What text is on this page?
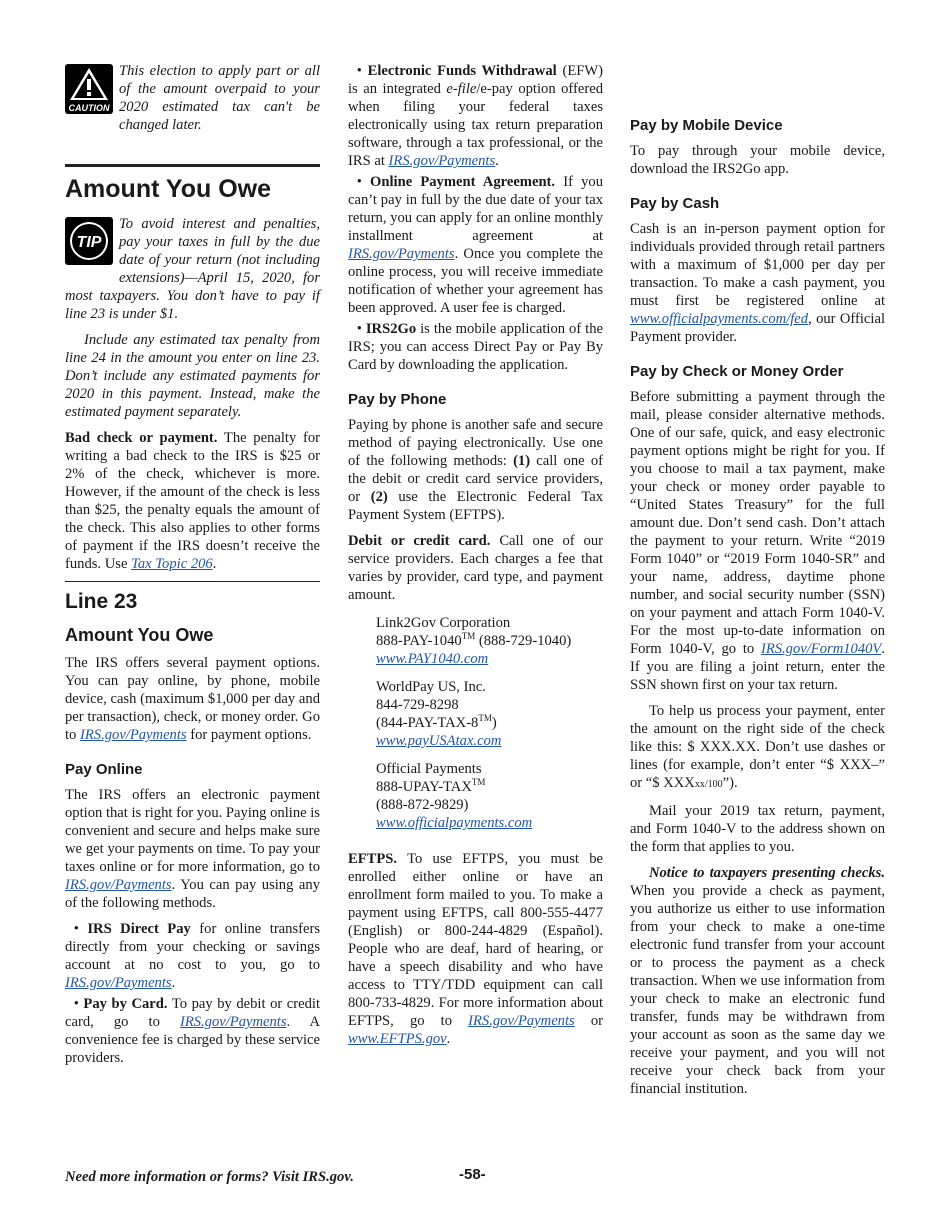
CAUTION
This election to apply part or all of the amount overpaid to your 2020 estimated tax can't be changed later.
Amount You Owe

TIP
To avoid interest and penalties, pay your taxes in full by the due date of your return (not including extensions)—April 15, 2020, for most taxpayers. You don’t have to pay if line 23 is under $1.

Include any estimated tax penalty from line 24 in the amount you enter on line 23. Don’t include any estimated payments for 2020 in this payment. Instead, make the estimated payment separately.

Bad check or payment. The penalty for writing a bad check to the IRS is $25 or 2% of the check, whichever is more. However, if the amount of the check is less than $25, the penalty equals the amount of the check. This also applies to other forms of payment if the IRS doesn’t receive the funds. Use Tax Topic 206.

Line 23
Amount You Owe

The IRS offers several payment options. You can pay online, by phone, mobile device, cash (maximum $1,000 per day and per transaction), check, or money order. Go to IRS.gov/Payments for payment options.

Pay Online

The IRS offers an electronic payment option that is right for you. Paying online is convenient and secure and helps make sure we get your payments on time. To pay your taxes online or for more information, go to IRS.gov/Payments. You can pay using any of the following methods.

• IRS Direct Pay for online transfers directly from your checking or savings account at no cost to you, go to IRS.gov/Payments.

• Pay by Card. To pay by debit or credit card, go to IRS.gov/Payments. A convenience fee is charged by these service providers.

• Electronic Funds Withdrawal (EFW) is an integrated e-file/e-pay option offered when filing your federal taxes electronically using tax return preparation software, through a tax professional, or the IRS at IRS.gov/Payments.

• Online Payment Agreement. If you can’t pay in full by the due date of your tax return, you can apply for an online monthly installment agreement at IRS.gov/Payments. Once you complete the online process, you will receive immediate notification of whether your agreement has been approved. A user fee is charged.

• IRS2Go is the mobile application of the IRS; you can access Direct Pay or Pay By Card by downloading the application.

Pay by Phone

Paying by phone is another safe and secure method of paying electronically. Use one of the following methods: (1) call one of the debit or credit card service providers, or (2) use the Electronic Federal Tax Payment System (EFTPS).

Debit or credit card. Call one of our service providers. Each charges a fee that varies by provider, card type, and payment amount.

Link2Gov Corporation
888-PAY-1040™ (888-729-1040)
www.PAY1040.com
WorldPay US, Inc.
844-729-8298
(844-PAY-TAX-8™)
www.payUSAtax.com
Official Payments
888-UPAY-TAX™
(888-872-9829)
www.officialpayments.com

EFTPS. To use EFTPS, you must be enrolled either online or have an enrollment form mailed to you. To make a payment using EFTPS, call 800-555-4477 (English) or 800-244-4829 (Español). People who are deaf, hard of hearing, or have a speech disability and who have access to TTY/TDD equipment can call 800-733-4829. For more information about EFTPS, go to IRS.gov/Payments or www.EFTPS.gov.

Pay by Mobile Device

To pay through your mobile device, download the IRS2Go app.

Pay by Cash

Cash is an in-person payment option for individuals provided through retail partners with a maximum of $1,000 per day per transaction. To make a cash payment, you must first be registered online at www.officialpayments.com/fed, our Official Payment provider.

Pay by Check or Money Order

Before submitting a payment through the mail, please consider alternative methods. One of our safe, quick, and easy electronic payment options might be right for you. If you choose to mail a tax payment, make your check or money order payable to “United States Treasury” for the full amount due. Don’t send cash. Don’t attach the payment to your return. Write “2019 Form 1040” or “2019 Form 1040-SR” and your name, address, daytime phone number, and social security number (SSN) on your payment and attach Form 1040-V. For the most up-to-date information on Form 1040-V, go to IRS.gov/Form1040V. If you are filing a joint return, enter the SSN shown first on your tax return.

To help us process your payment, enter the amount on the right side of the check like this: $ XXX.XX. Don’t use dashes or lines (for example, don’t enter “$ XXX–” or “$ XXXxx/100”).

Mail your 2019 tax return, payment, and Form 1040-V to the address shown on the form that applies to you.

Notice to taxpayers presenting checks. When you provide a check as payment, you authorize us either to use information from your check to make a one-time electronic fund transfer from your account or to process the payment as a check transaction. When we use information from your check to make an electronic fund transfer, funds may be withdrawn from your account as soon as the same day we receive your payment, and you will not receive your check back from your financial institution.

Need more information or forms? Visit IRS.gov.	-58-
